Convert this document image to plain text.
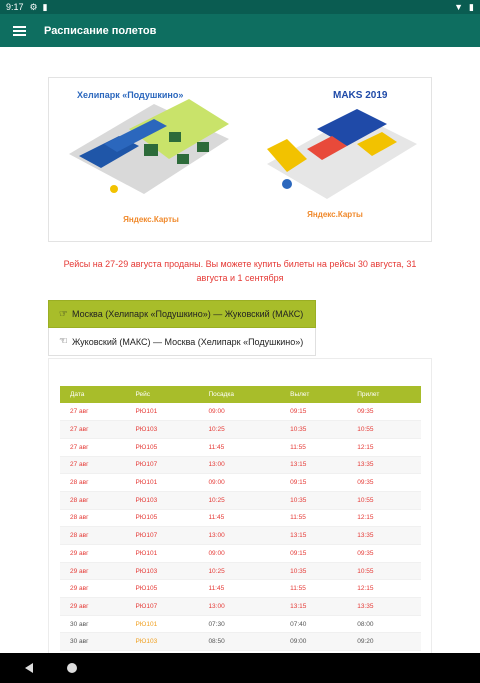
9:17 ⚙ ▮	▼ ▮
Расписание полетов
Хелипарк «Подушкино»	MAKS 2019
Яндекс.Карты
Яндекс.Карты
Рейсы на 27-29 августа проданы. Вы можете купить билеты на рейсы 30 августа, 31 августа и 1 сентября
☞ Москва (Хелипарк «Подушкино») — Жуковский (МАКС)
☜ Жуковский (МАКС) — Москва (Хелипарк «Подушкино»)
Дата	Рейс	Посадка	Вылет	Прилет
27 авг	РЮ101	09:00	09:15	09:35
27 авг	РЮ103	10:25	10:35	10:55
27 авг	РЮ105	11:45	11:55	12:15
27 авг	РЮ107	13:00	13:15	13:35
28 авг	РЮ101	09:00	09:15	09:35
28 авг	РЮ103	10:25	10:35	10:55
28 авг	РЮ105	11:45	11:55	12:15
28 авг	РЮ107	13:00	13:15	13:35
29 авг	РЮ101	09:00	09:15	09:35
29 авг	РЮ103	10:25	10:35	10:55
29 авг	РЮ105	11:45	11:55	12:15
29 авг	РЮ107	13:00	13:15	13:35
30 авг	РЮ101	07:30	07:40	08:00
30 авг	РЮ103	08:50	09:00	09:20
